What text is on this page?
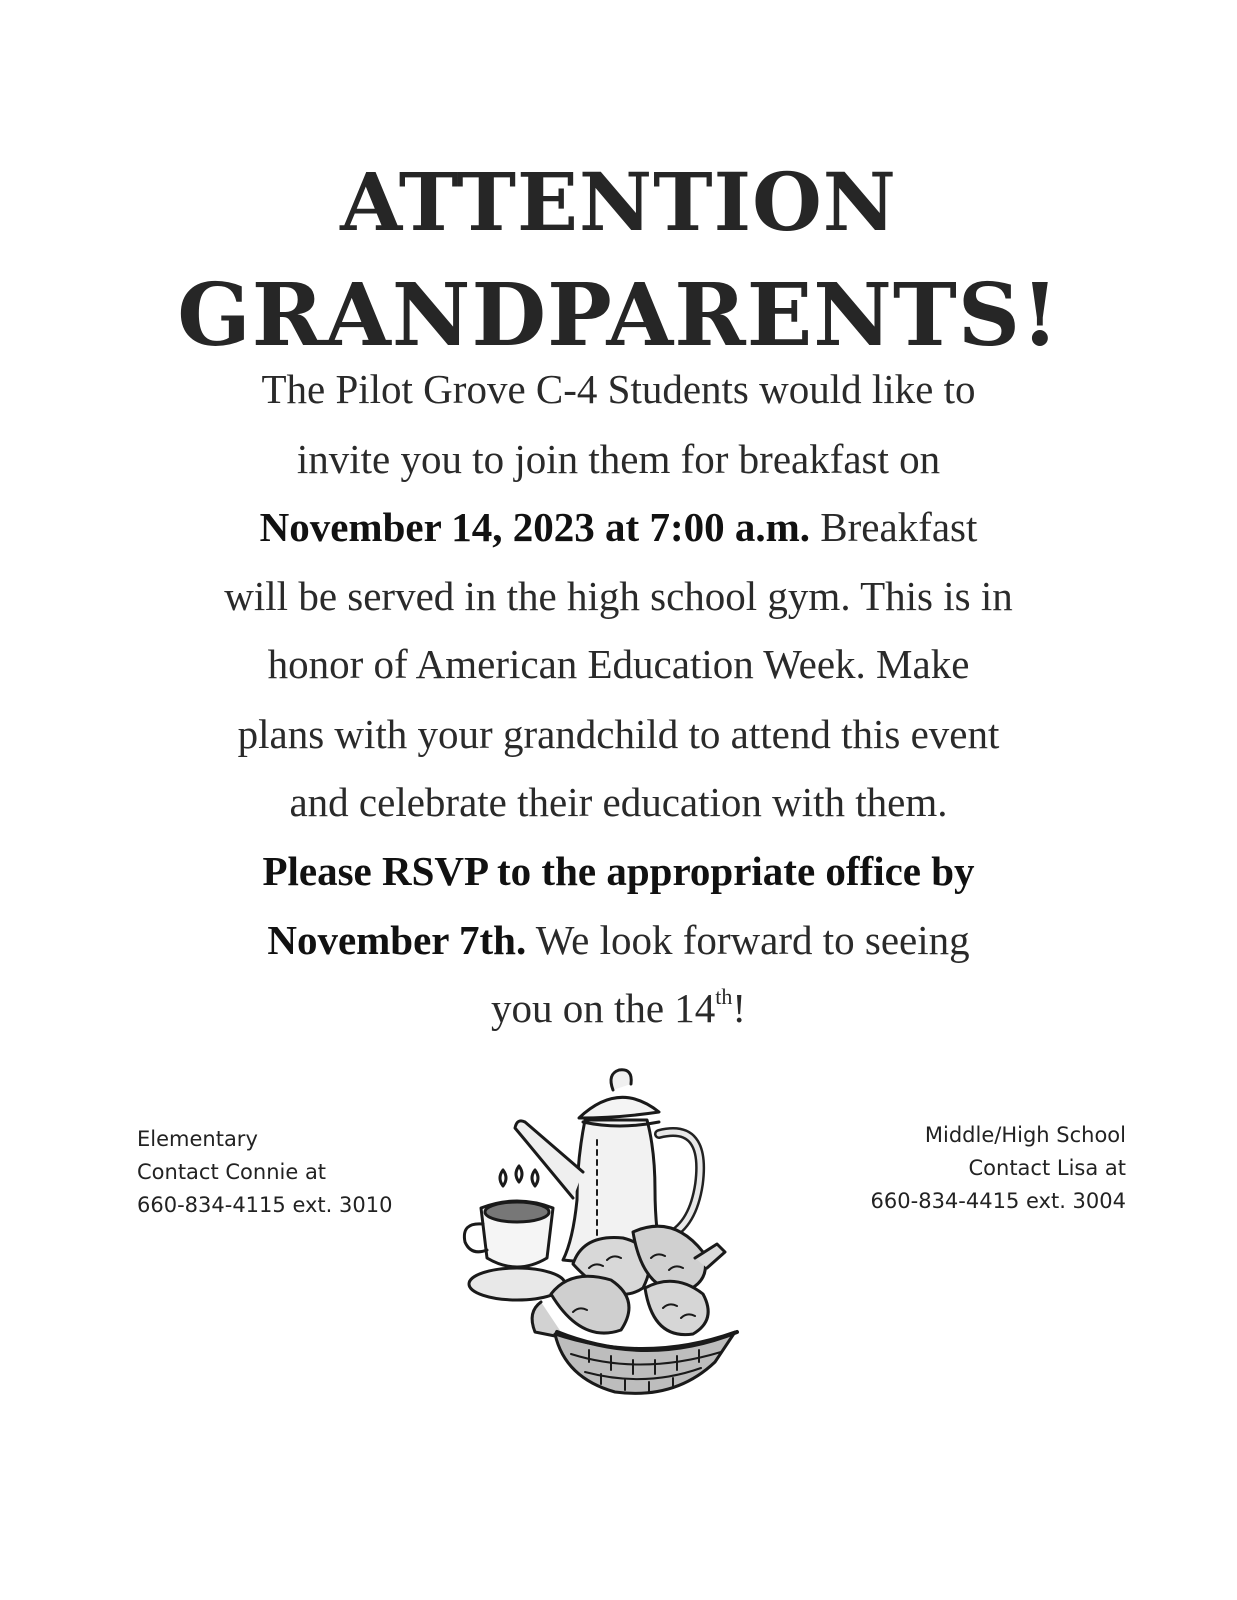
ATTENTION
GRANDPARENTS!
The Pilot Grove C-4 Students would like to
invite you to join them for breakfast on
November 14, 2023 at 7:00 a.m. Breakfast
will be served in the high school gym. This is in
honor of American Education Week. Make
plans with your grandchild to attend this event
and celebrate their education with them.
Please RSVP to the appropriate office by
November 7th. We look forward to seeing
you on the 14th!
Elementary
Contact Connie at
660-834-4115 ext. 3010
Middle/High School
Contact Lisa at
660-834-4415 ext. 3004
